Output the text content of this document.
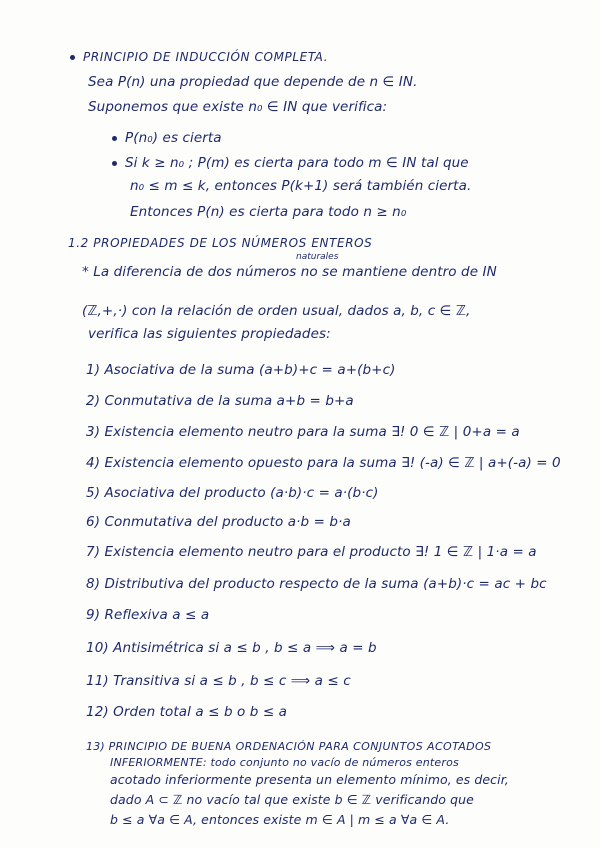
PRINCIPIO DE INDUCCIÓN COMPLETA.
Sea P(n) una propiedad que depende de n ∈ IN.
Suponemos que existe n₀ ∈ IN que verifica:
P(n₀) es cierta
Si k ≥ n₀ ; P(m) es cierta para todo m ∈ IN tal que
n₀ ≤ m ≤ k, entonces P(k+1) será también cierta.
Entonces P(n) es cierta para todo n ≥ n₀
1.2 PROPIEDADES DE LOS NÚMEROS ENTEROS
naturales
* La diferencia de dos números no se mantiene dentro de IN
(ℤ,+,·) con la relación de orden usual, dados a, b, c ∈ ℤ,
verifica las siguientes propiedades:
1) Asociativa de la suma (a+b)+c = a+(b+c)
2) Conmutativa de la suma a+b = b+a
3) Existencia elemento neutro para la suma ∃! 0 ∈ ℤ | 0+a = a
4) Existencia elemento opuesto para la suma ∃! (-a) ∈ ℤ | a+(-a) = 0
5) Asociativa del producto (a·b)·c = a·(b·c)
6) Conmutativa del producto a·b = b·a
7) Existencia elemento neutro para el producto ∃! 1 ∈ ℤ | 1·a = a
8) Distributiva del producto respecto de la suma (a+b)·c = ac + bc
9) Reflexiva a ≤ a
10) Antisimétrica si a ≤ b , b ≤ a ⟹ a = b
11) Transitiva si a ≤ b , b ≤ c ⟹ a ≤ c
12) Orden total a ≤ b o b ≤ a
13) PRINCIPIO DE BUENA ORDENACIÓN PARA CONJUNTOS ACOTADOS
INFERIORMENTE: todo conjunto no vacío de números enteros
acotado inferiormente presenta un elemento mínimo, es decir,
dado A ⊂ ℤ no vacío tal que existe b ∈ ℤ verificando que
b ≤ a ∀a ∈ A, entonces existe m ∈ A | m ≤ a ∀a ∈ A.
